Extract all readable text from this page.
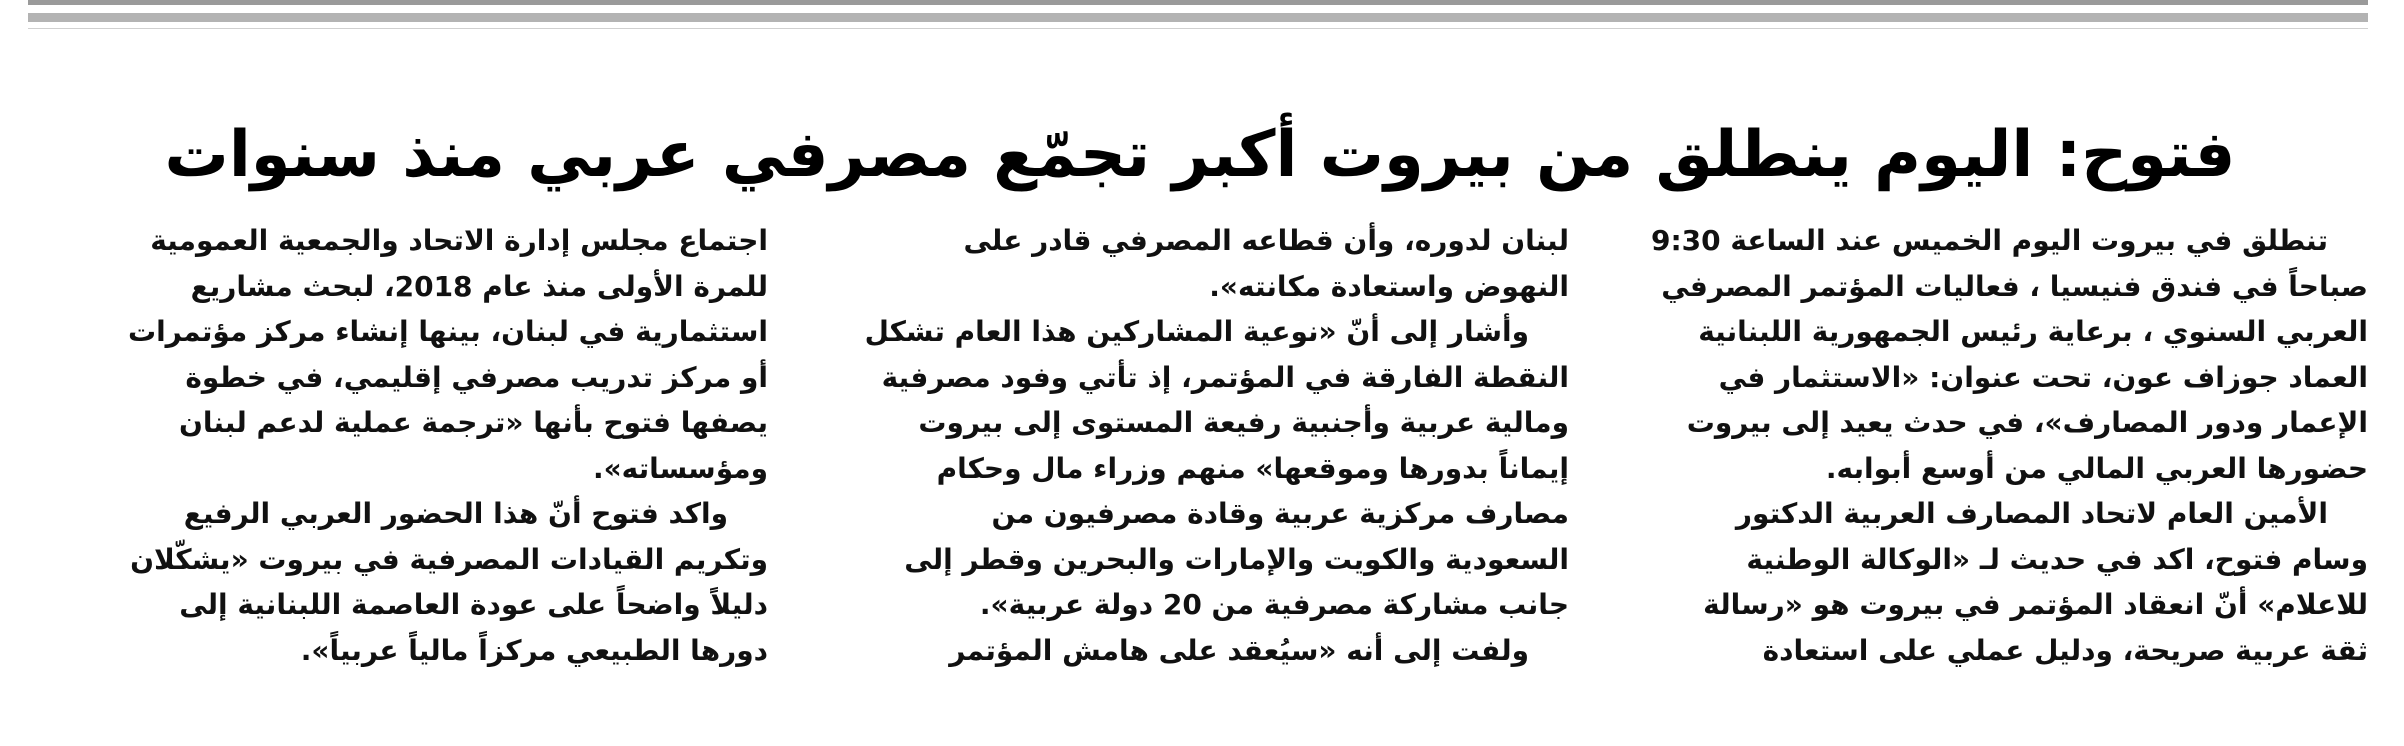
فتوح: اليوم ينطلق من بيروت أكبر تجمّع مصرفي عربي منذ سنوات
تنطلق في بيروت اليوم الخميس عند الساعة 9:30
صباحاً في فندق فنيسيا ، فعاليات المؤتمر المصرفي
العربي السنوي ، برعاية رئيس الجمهورية اللبنانية
العماد جوزاف عون، تحت عنوان: «الاستثمار في
الإعمار ودور المصارف»، في حدث يعيد إلى بيروت
حضورها العربي المالي من أوسع أبوابه.
الأمين العام لاتحاد المصارف العربية الدكتور
وسام فتوح، اكد في حديث لـ «الوكالة الوطنية
للاعلام» أنّ انعقاد المؤتمر في بيروت هو «رسالة
ثقة عربية صريحة، ودليل عملي على استعادة
لبنان لدوره، وأن قطاعه المصرفي قادر على
النهوض واستعادة مكانته».
وأشار إلى أنّ «نوعية المشاركين هذا العام تشكل
النقطة الفارقة في المؤتمر، إذ تأتي وفود مصرفية
ومالية عربية وأجنبية رفيعة المستوى إلى بيروت
إيماناً بدورها وموقعها» منهم وزراء مال وحكام
مصارف مركزية عربية وقادة مصرفيون من
السعودية والكويت والإمارات والبحرين وقطر إلى
جانب مشاركة مصرفية من 20 دولة عربية».
ولفت إلى أنه «سيُعقد على هامش المؤتمر
اجتماع مجلس إدارة الاتحاد والجمعية العمومية
للمرة الأولى منذ عام 2018، لبحث مشاريع
استثمارية في لبنان، بينها إنشاء مركز مؤتمرات
أو مركز تدريب مصرفي إقليمي، في خطوة
يصفها فتوح بأنها «ترجمة عملية لدعم لبنان
ومؤسساته».
واكد فتوح أنّ هذا الحضور العربي الرفيع
وتكريم القيادات المصرفية في بيروت «يشكّلان
دليلاً واضحاً على عودة العاصمة اللبنانية إلى
دورها الطبيعي مركزاً مالياً عربياً».
